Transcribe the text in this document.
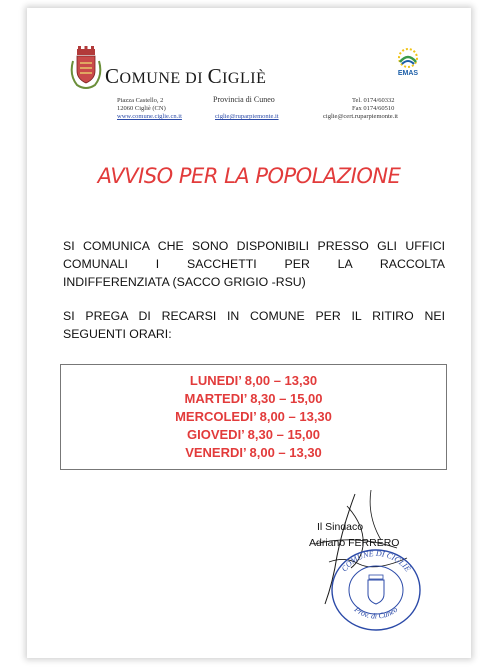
COMUNE DI CIGLIÈ	EMAS
Piazza Castello, 2
12060 Cigliè (CN)
www.comune.ciglie.cn.it
Provincia di Cuneo
ciglie@ruparpiemonte.it
Tel. 0174/60332
Fax 0174/60510
ciglie@cert.ruparpiemonte.it
AVVISO PER LA POPOLAZIONE
SI COMUNICA CHE SONO DISPONIBILI PRESSO GLI UFFICI
COMUNALI I SACCHETTI PER LA RACCOLTA
INDIFFERENZIATA (SACCO GRIGIO -RSU)
SI PREGA DI RECARSI IN COMUNE PER IL RITIRO NEI
SEGUENTI ORARI:
LUNEDI’ 8,00 – 13,30
MARTEDI’ 8,30 – 15,00
MERCOLEDI’ 8,00 – 13,30
GIOVEDI’ 8,30 – 15,00
VENERDI’ 8,00 – 13,30
Il Sindaco
Adriano FERRERO
COMUNE DI CIGLIÈ
Prov. di Cuneo
